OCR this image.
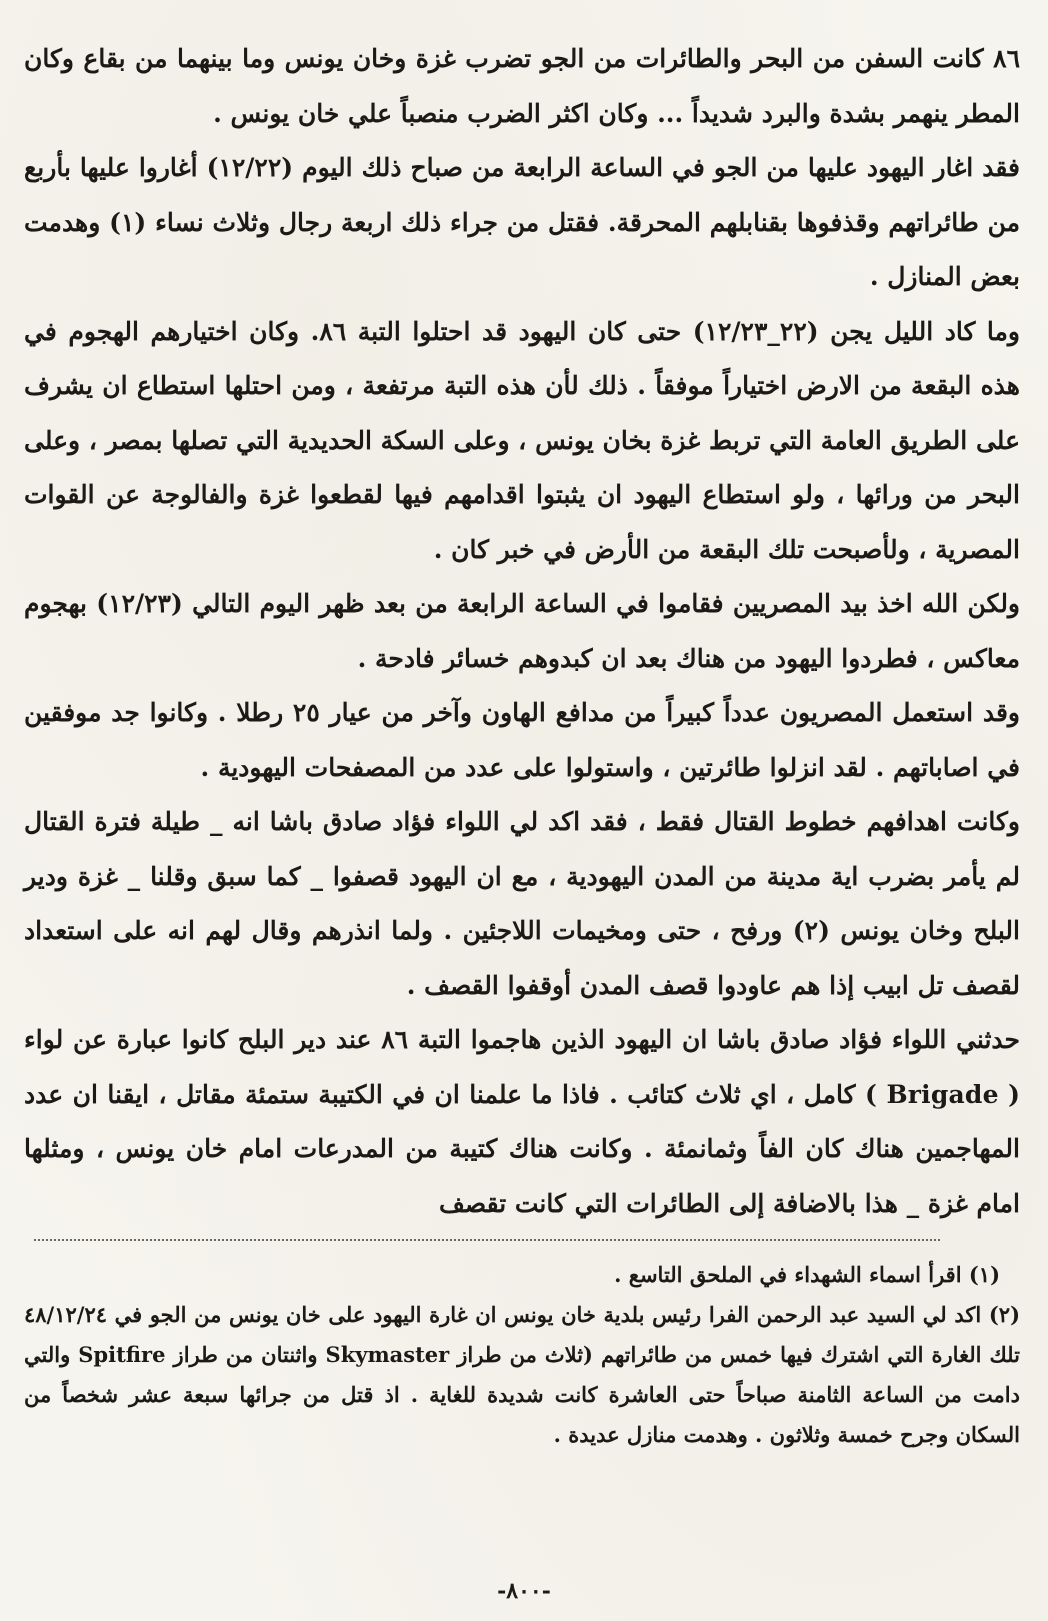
٨٦ كانت السفن من البحر والطائرات من الجو تضرب غزة وخان يونس وما بينهما من بقاع وكان المطر ينهمر بشدة والبرد شديداً ... وكان اكثر الضرب منصباً علي خان يونس .

فقد اغار اليهود عليها من الجو في الساعة الرابعة من صباح ذلك اليوم (١٢/٢٢) أغاروا عليها بأربع من طائراتهم وقذفوها بقنابلهم المحرقة. فقتل من جراء ذلك اربعة رجال وثلاث نساء (١) وهدمت بعض المنازل .

وما كاد الليل يجن (٢٢_١٢/٢٣) حتى كان اليهود قد احتلوا التبة ٨٦. وكان اختيارهم الهجوم في هذه البقعة من الارض اختياراً موفقاً . ذلك لأن هذه التبة مرتفعة ، ومن احتلها استطاع ان يشرف على الطريق العامة التي تربط غزة بخان يونس ، وعلى السكة الحديدية التي تصلها بمصر ، وعلى البحر من ورائها ، ولو استطاع اليهود ان يثبتوا اقدامهم فيها لقطعوا غزة والفالوجة عن القوات المصرية ، ولأصبحت تلك البقعة من الأرض في خبر كان .

ولكن الله اخذ بيد المصريين فقاموا في الساعة الرابعة من بعد ظهر اليوم التالي (١٢/٢٣) بهجوم معاكس ، فطردوا اليهود من هناك بعد ان كبدوهم خسائر فادحة .

وقد استعمل المصريون عدداً كبيراً من مدافع الهاون وآخر من عيار ٢٥ رطلا . وكانوا جد موفقين في اصاباتهم . لقد انزلوا طائرتين ، واستولوا على عدد من المصفحات اليهودية .

وكانت اهدافهم خطوط القتال فقط ، فقد اكد لي اللواء فؤاد صادق باشا انه _ طيلة فترة القتال لم يأمر بضرب اية مدينة من المدن اليهودية ، مع ان اليهود قصفوا _ كما سبق وقلنا _ غزة ودير البلح وخان يونس (٢) ورفح ، حتى ومخيمات اللاجئين . ولما انذرهم وقال لهم انه على استعداد لقصف تل ابيب إذا هم عاودوا قصف المدن أوقفوا القصف .

حدثني اللواء فؤاد صادق باشا ان اليهود الذين هاجموا التبة ٨٦ عند دير البلح كانوا عبارة عن لواء ( Brigade ) كامل ، اي ثلاث كتائب . فاذا ما علمنا ان في الكتيبة ستمئة مقاتل ، ايقنا ان عدد المهاجمين هناك كان الفاً وثمانمئة . وكانت هناك كتيبة من المدرعات امام خان يونس ، ومثلها امام غزة _ هذا بالاضافة إلى الطائرات التي كانت تقصف

(١) اقرأ اسماء الشهداء في الملحق التاسع .

(٢) اكد لي السيد عبد الرحمن الفرا رئيس بلدية خان يونس ان غارة اليهود على خان يونس من الجو في ٤٨/١٢/٢٤ تلك الغارة التي اشترك فيها خمس من طائراتهم (ثلاث من طراز Skymaster واثنتان من طراز Spitfire والتي دامت من الساعة الثامنة صباحاً حتى العاشرة كانت شديدة للغاية . اذ قتل من جرائها سبعة عشر شخصاً من السكان وجرح خمسة وثلاثون . وهدمت منازل عديدة .

-٨٠٠-
